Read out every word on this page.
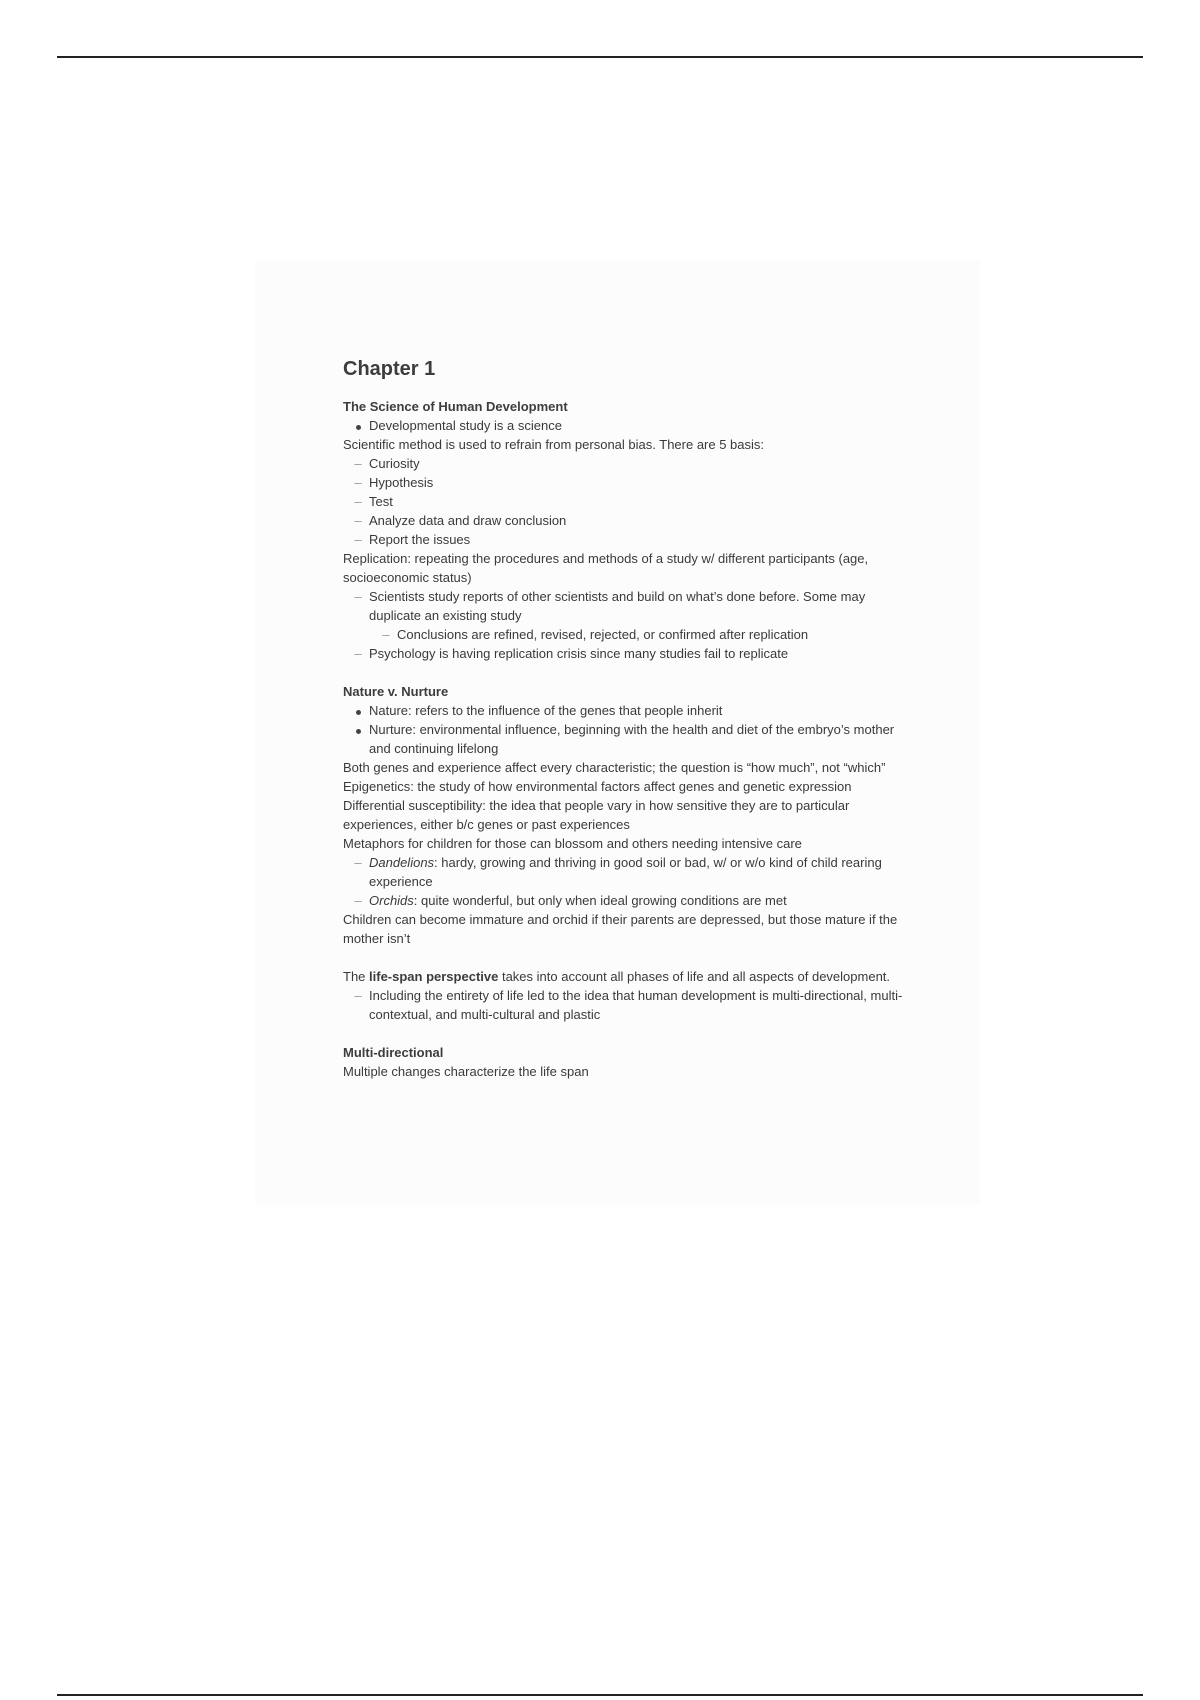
Chapter 1

The Science of Human Development

Developmental study is a science

Scientific method is used to refrain from personal bias. There are 5 basis:

– Curiosity
– Hypothesis
– Test
– Analyze data and draw conclusion
– Report the issues

Replication: repeating the procedures and methods of a study w/ different participants (age, socioeconomic status)

– Scientists study reports of other scientists and build on what’s done before. Some may duplicate an existing study
– Conclusions are refined, revised, rejected, or confirmed after replication
– Psychology is having replication crisis since many studies fail to replicate

Nature v. Nurture

Nature: refers to the influence of the genes that people inherit
Nurture: environmental influence, beginning with the health and diet of the embryo’s mother and continuing lifelong

Both genes and experience affect every characteristic; the question is “how much”, not “which”

Epigenetics: the study of how environmental factors affect genes and genetic expression

Differential susceptibility: the idea that people vary in how sensitive they are to particular experiences, either b/c genes or past experiences

Metaphors for children for those can blossom and others needing intensive care

– Dandelions: hardy, growing and thriving in good soil or bad, w/ or w/o kind of child rearing experience
– Orchids: quite wonderful, but only when ideal growing conditions are met

Children can become immature and orchid if their parents are depressed, but those mature if the mother isn’t

The life-span perspective takes into account all phases of life and all aspects of development.

– Including the entirety of life led to the idea that human development is multi-directional, multi-contextual, and multi-cultural and plastic

Multi-directional

Multiple changes characterize the life span
